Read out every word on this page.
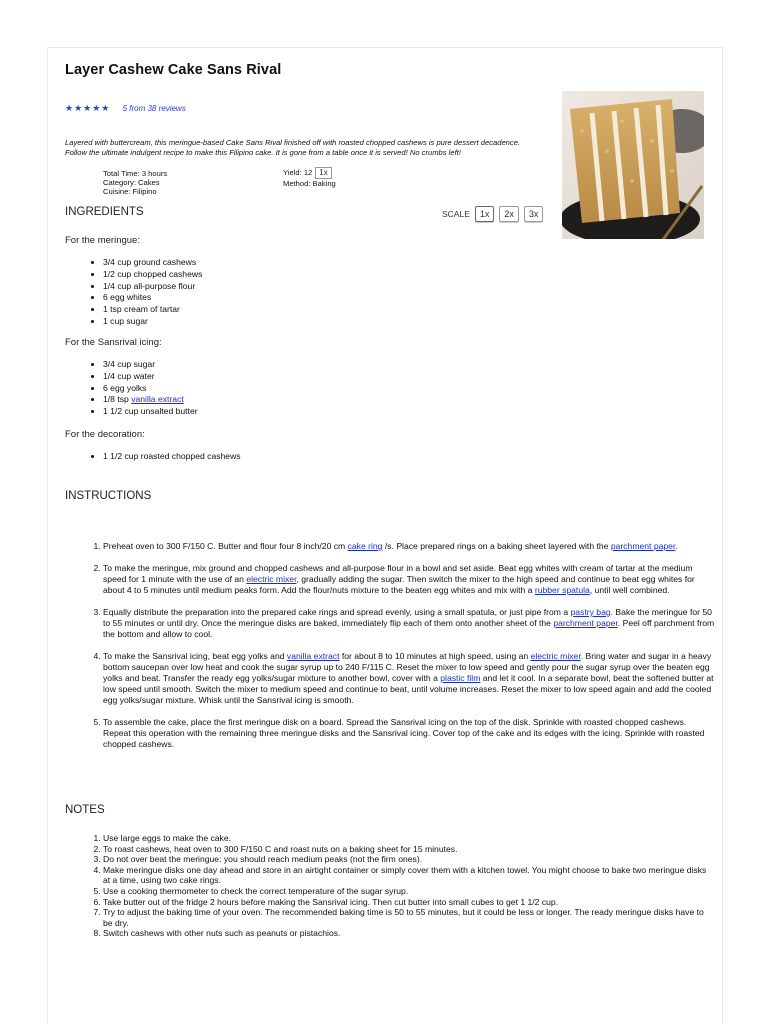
Layer Cashew Cake Sans Rival
★★★★★ 5 from 38 reviews
Layered with buttercream, this meringue-based Cake Sans Rival finished off with roasted chopped cashews is pure dessert decadence. Follow the ultimate indulgent recipe to make this Filipino cake. It is gone from a table once it is served! No crumbs left!
Total Time: 3 hours
Category: Cakes
Cuisine: Filipino
Yield: 12 1x
Method: Baking
INGREDIENTS	SCALE	1x	2x	3x
For the meringue:
• 3/4 cup ground cashews
• 1/2 cup chopped cashews
• 1/4 cup all-purpose flour
• 6 egg whites
• 1 tsp cream of tartar
• 1 cup sugar
For the Sansrival icing:
• 3/4 cup sugar
• 1/4 cup water
• 6 egg yolks
• 1/8 tsp vanilla extract
• 1 1/2 cup unsalted butter
For the decoration:
• 1 1/2 cup roasted chopped cashews
INSTRUCTIONS
1. Preheat oven to 300 F/150 C. Butter and flour four 8 inch/20 cm cake ring /s. Place prepared rings on a baking sheet layered with the parchment paper.
2. To make the meringue, mix ground and chopped cashews and all-purpose flour in a bowl and set aside. Beat egg whites with cream of tartar at the medium speed for 1 minute with the use of an electric mixer, gradually adding the sugar. Then switch the mixer to the high speed and continue to beat egg whites for about 4 to 5 minutes until medium peaks form. Add the flour/nuts mixture to the beaten egg whites and mix with a rubber spatula, until well combined.
3. Equally distribute the preparation into the prepared cake rings and spread evenly, using a small spatula, or just pipe from a pastry bag. Bake the meringue for 50 to 55 minutes or until dry. Once the meringue disks are baked, immediately flip each of them onto another sheet of the parchment paper. Peel off parchment from the bottom and allow to cool.
4. To make the Sansrival icing, beat egg yolks and vanilla extract for about 8 to 10 minutes at high speed, using an electric mixer. Bring water and sugar in a heavy bottom saucepan over low heat and cook the sugar syrup up to 240 F/115 C. Reset the mixer to low speed and gently pour the sugar syrup over the beaten egg yolks and beat. Transfer the ready egg yolks/sugar mixture to another bowl, cover with a plastic film and let it cool. In a separate bowl, beat the softened butter at low speed until smooth. Switch the mixer to medium speed and continue to beat, until volume increases. Reset the mixer to low speed again and add the cooled egg yolks/sugar mixture. Whisk until the Sansrival icing is smooth.
5. To assemble the cake, place the first meringue disk on a board. Spread the Sansrival icing on the top of the disk. Sprinkle with roasted chopped cashews. Repeat this operation with the remaining three meringue disks and the Sansrival icing. Cover top of the cake and its edges with the icing. Sprinkle with roasted chopped cashews.
NOTES
1. Use large eggs to make the cake.
2. To roast cashews, heat oven to 300 F/150 C and roast nuts on a baking sheet for 15 minutes.
3. Do not over beat the meringue: you should reach medium peaks (not the firm ones).
4. Make meringue disks one day ahead and store in an airtight container or simply cover them with a kitchen towel. You might choose to bake two meringue disks at a time, using two cake rings.
5. Use a cooking thermometer to check the correct temperature of the sugar syrup.
6. Take butter out of the fridge 2 hours before making the Sansrival icing. Then cut butter into small cubes to get 1 1/2 cup.
7. Try to adjust the baking time of your oven. The recommended baking time is 50 to 55 minutes, but it could be less or longer. The ready meringue disks have to be dry.
8. Switch cashews with other nuts such as peanuts or pistachios.
